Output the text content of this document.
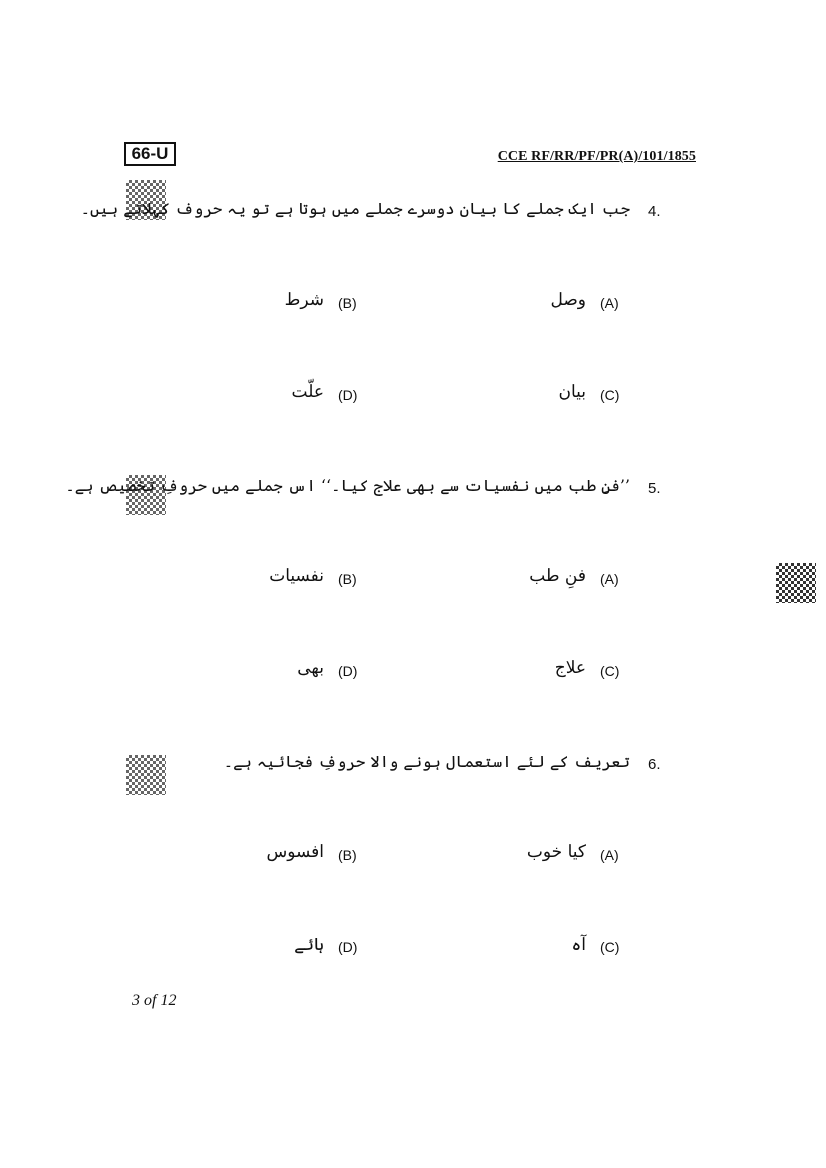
66-U	CCE RF/RR/PF/PR(A)/101/1855
4.
جب ایک جملے کا بیان دوسرے جملے میں ہوتا ہے تو یہ حروف کہلاتے ہیں۔
(A)
وصل
(B)
شرط
(C)
بیان
(D)
علّت
5.
’’فنِ طب میں نفسیات سے بھی علاج کیا۔‘‘ اس جملے میں حروفِ تخصیص ہے۔
(A)
فنِ طب
(B)
نفسیات
(C)
علاج
(D)
بھی
6.
تعریف کے لئے استعمال ہونے والا حروفِ فجائیہ ہے۔
(A)
کیا خوب
(B)
افسوس
(C)
آہ
(D)
ہائے
3 of 12
